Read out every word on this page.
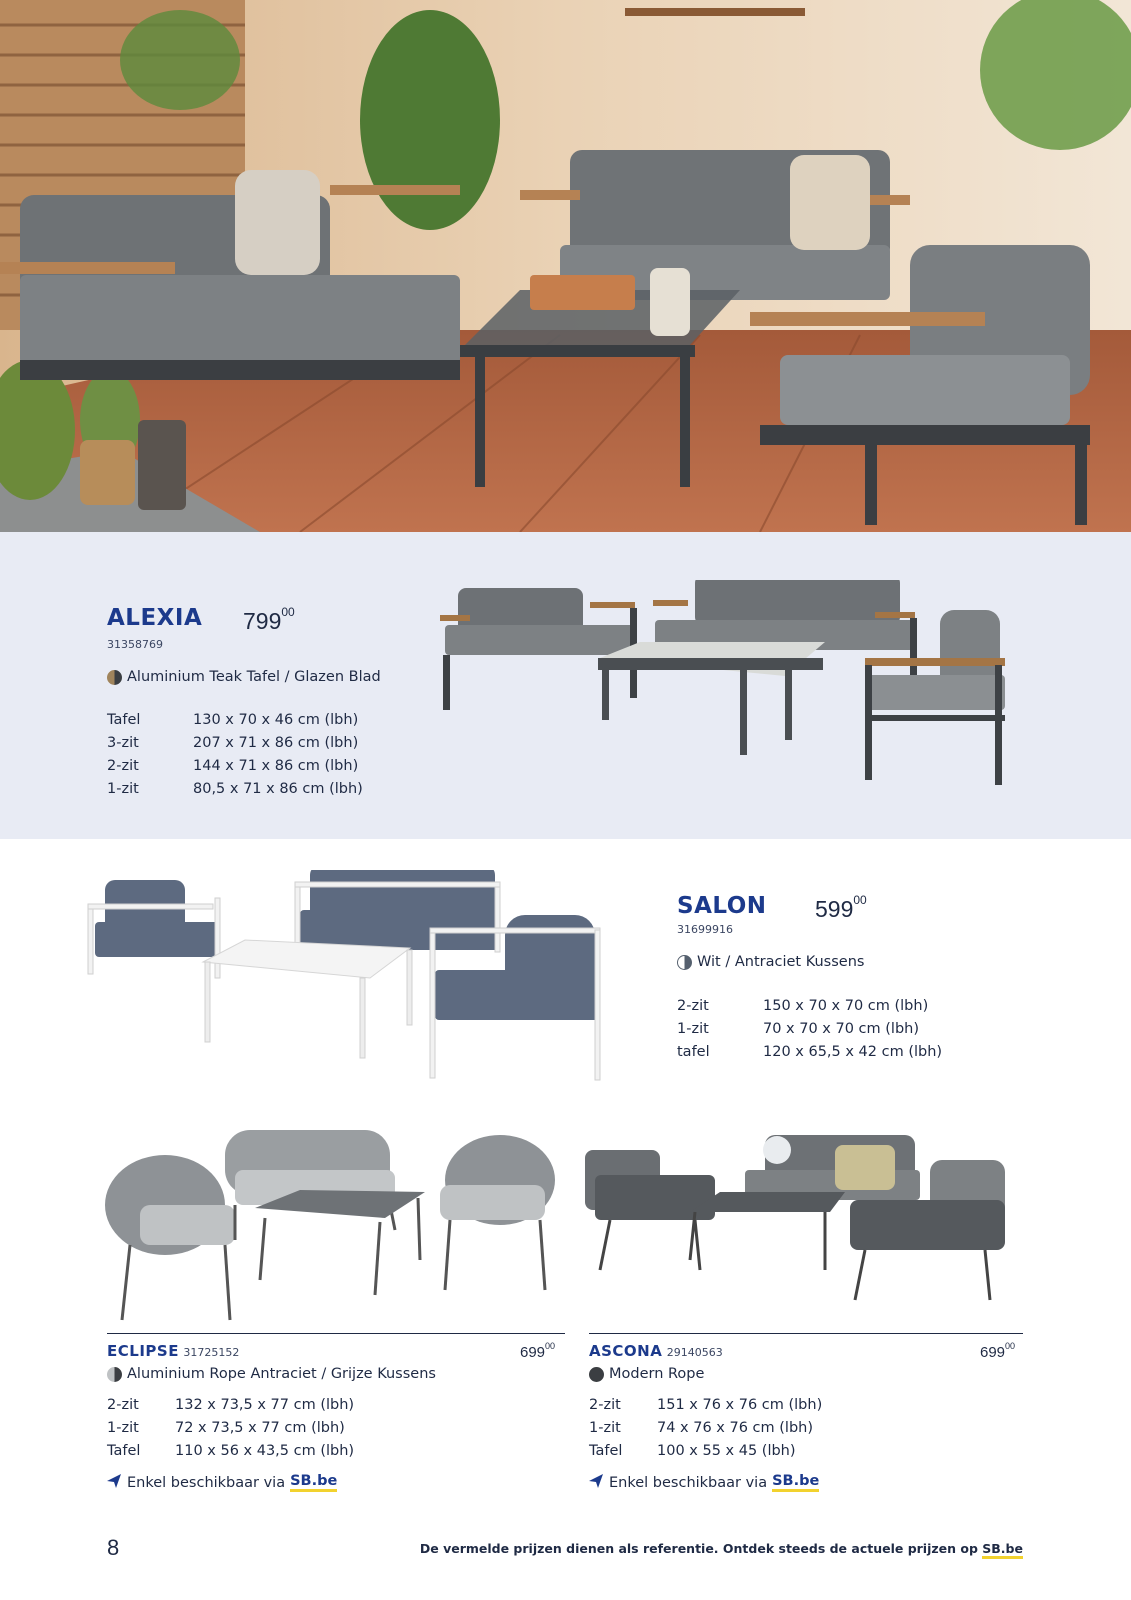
ALEXIA $799^{00}$
31358769
Aluminium Teak Tafel / Glazen Blad
Tafel	130 x 70 x 46 cm (lbh)
3-zit	207 x 71 x 86 cm (lbh)
2-zit	144 x 71 x 86 cm (lbh)
1-zit	80,5 x 71 x 86 cm (lbh)
SALON $599^{00}$
31699916
Wit / Antraciet Kussens
2-zit	150 x 70 x 70 cm (lbh)
1-zit	70 x 70 x 70 cm (lbh)
tafel	120 x 65,5 x 42 cm (lbh)
ECLIPSE 31725152	$699^{00}$
Aluminium Rope Antraciet / Grijze Kussens
2-zit	132 x 73,5 x 77 cm (lbh)
1-zit	72 x 73,5 x 77 cm (lbh)
Tafel	110 x 56 x 43,5 cm (lbh)
Enkel beschikbaar via SB.be
ASCONA 29140563	$699^{00}$
Modern Rope
2-zit	151 x 76 x 76 cm (lbh)
1-zit	74 x 76 x 76 cm (lbh)
Tafel	100 x 55 x 45 (lbh)
Enkel beschikbaar via SB.be
8	De vermelde prijzen dienen als referentie. Ontdek steeds de actuele prijzen op SB.be
